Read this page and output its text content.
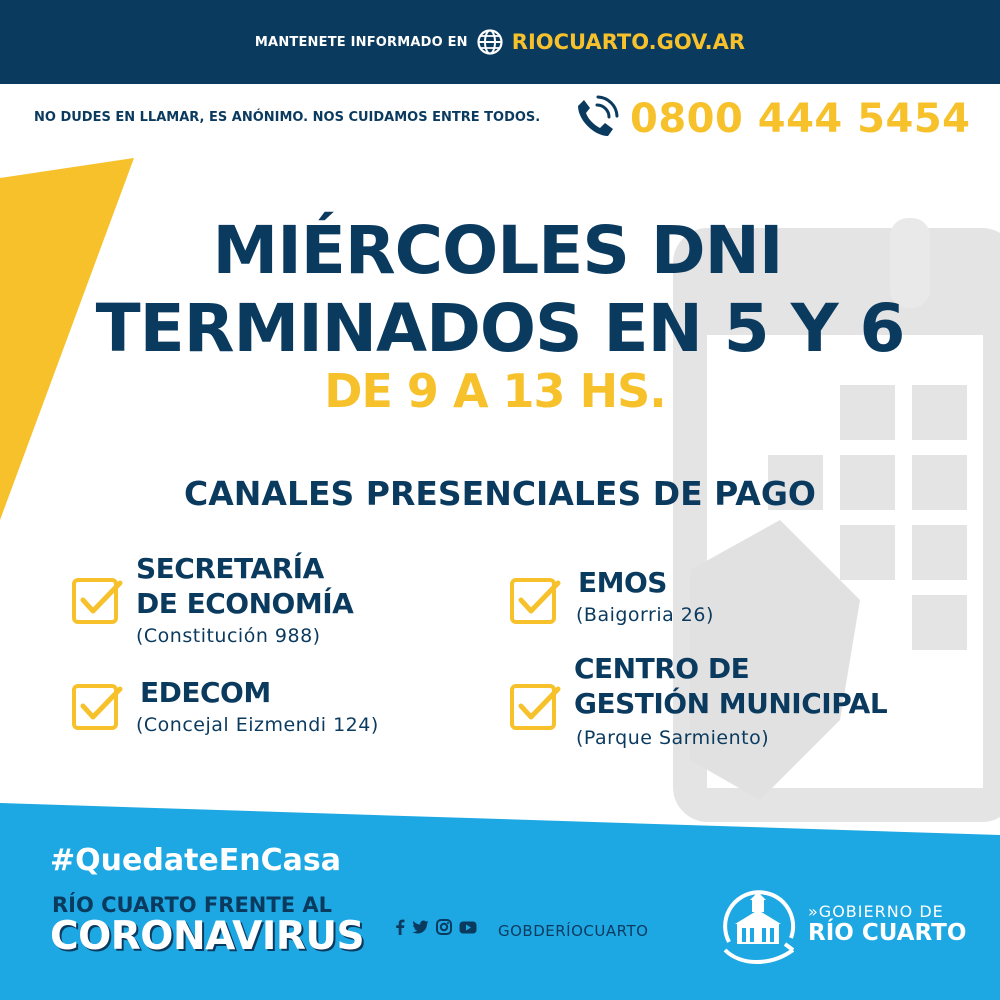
MANTENETE INFORMADO EN RIOCUARTO.GOV.AR
NO DUDES EN LLAMAR, ES ANÓNIMO. NOS CUIDAMOS ENTRE TODOS. 0800 444 5454
MIÉRCOLES DNI
TERMINADOS EN 5 Y 6
DE 9 A 13 HS.
CANALES PRESENCIALES DE PAGO
SECRETARÍA
DE ECONOMÍA
(Constitución 988)
EMOS
(Baigorria 26)
EDECOM
(Concejal Eizmendi 124)
CENTRO DE
GESTIÓN MUNICIPAL
(Parque Sarmiento)
#QuedateEnCasa
RÍO CUARTO FRENTE AL
CORONAVIRUS	GOBDERÍOCUARTO
»GOBIERNO DE
RÍO CUARTO
